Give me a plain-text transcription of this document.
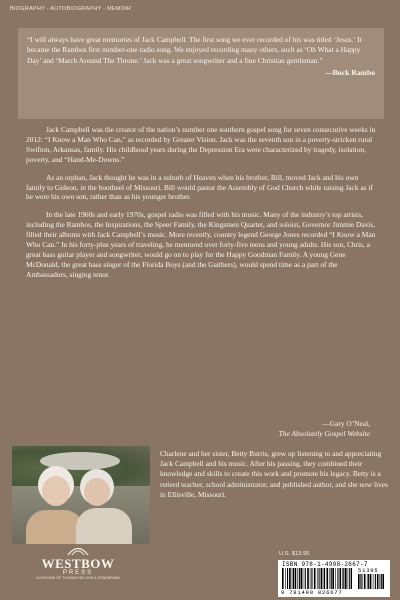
BIOGRAPHY - AUTOBIOGRAPHY - MEMOIR

“I will always have great memories of Jack Campbell. The first song we ever recorded of his was titled ‘Jesus.’ It became the Rambos first number-one radio song. We enjoyed recording many others, such as ‘Oh What a Happy Day’ and ‘March Around The Throne.’ Jack was a great songwriter and a fine Christian gentleman.”

—Buck Rambo

Jack Campbell was the creator of the nation’s number one southern gospel song for seven consecutive weeks in 2012: “I Know a Man Who Can,” as recorded by Greater Vision. Jack was the seventh son in a poverty-stricken rural Swifton, Arkansas, family. His childhood years during the Depression Era were characterized by tragedy, isolation, poverty, and “Hand-Me-Downs.”

As an orphan, Jack thought he was in a suburb of Heaven when his brother, Bill, moved Jack and his own family to Gideon, in the bootheel of Missouri. Bill would pastor the Assembly of God Church while raising Jack as if he were his own son, rather than as his younger brother.

In the late 1960s and early 1970s, gospel radio was filled with his music. Many of the industry’s top artists, including the Rambos, the Inspirations, the Speer Family, the Kingsmen Quartet, and soloist, Governor Jimmie Davis, filled their albums with Jack Campbell’s music. More recently, country legend George Jones recorded “I Know a Man Who Can.” In his forty-plus years of traveling, he mentored over forty-five teens and young adults. His son, Chris, a great bass guitar player and songwriter, would go on to play for the Happy Goodman Family. A young Gene McDonald, the great bass singer of the Florida Boys (and the Gaithers), would spend time as a part of the Ambassadors, singing tenor.

—Gary O’Neal,
The Absolutely Gospel Website

Charlene and her sister, Betty Burris, grew up listening to and appreciating Jack Campbell and his music. After his passing, they combined their knowledge and skills to create this work and promote his legacy. Betty is a retired teacher, school administrator, and published author, and she now lives in Ellisville, Missouri.

WESTBOW
PRESS
A DIVISION OF THOMAS NELSON & ZONDERVAN
U.S. $13.95
ISBN 978-1-4908-2667-7
51395
9 781490 826677
